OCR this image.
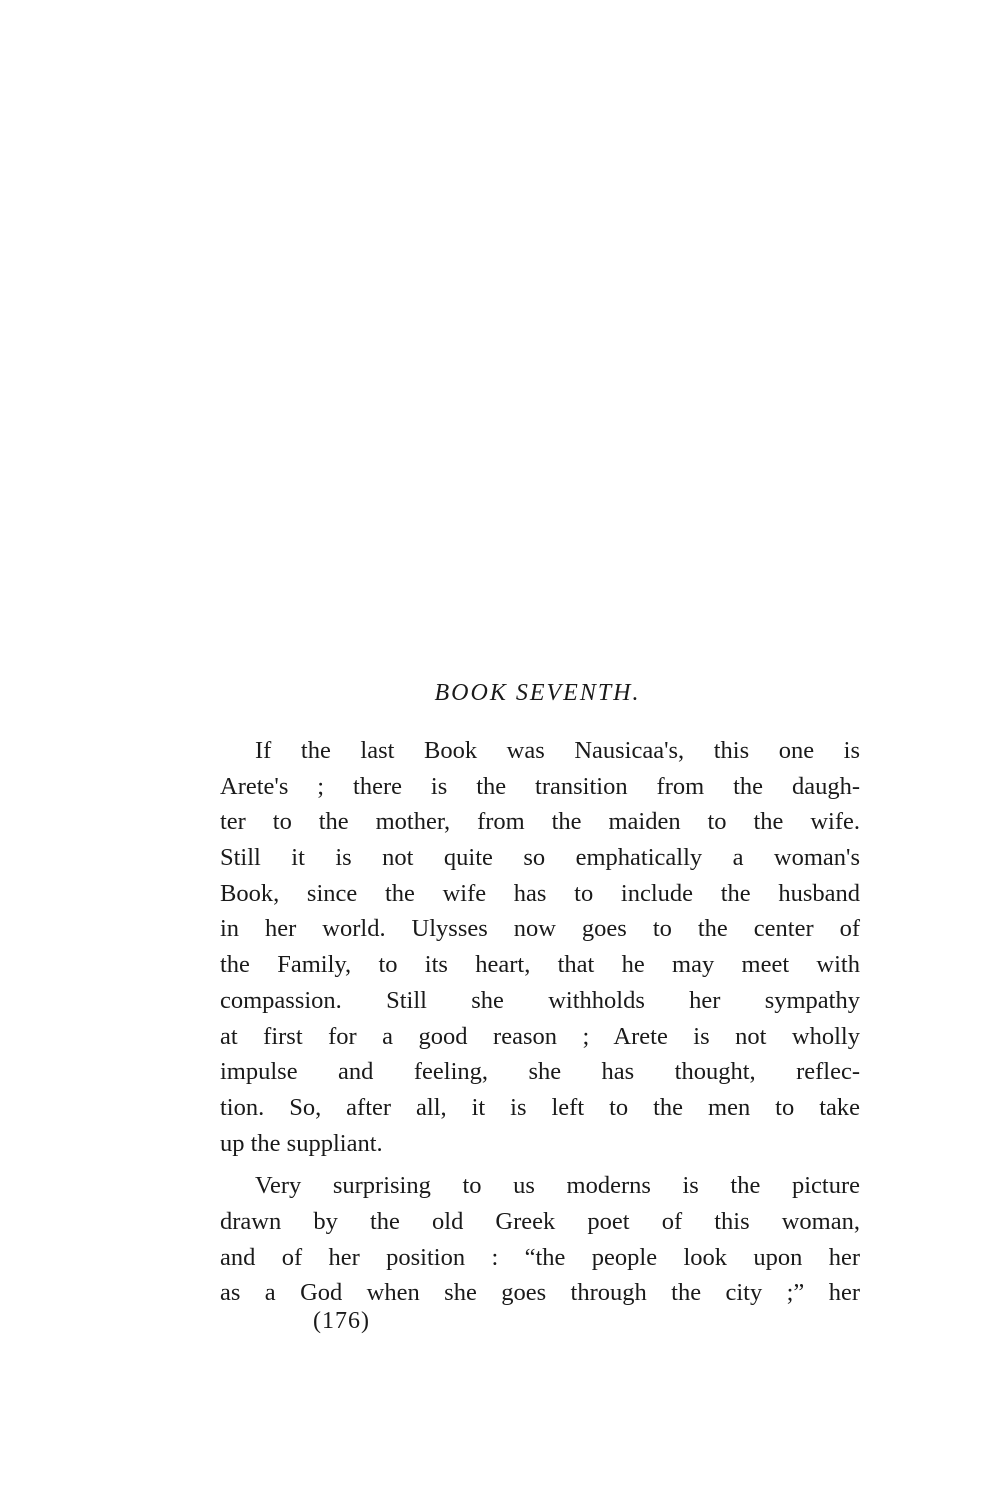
BOOK SEVENTH.
If the last Book was Nausicaa's, this one is
Arete's ; there is the transition from the daugh-
ter to the mother, from the maiden to the wife.
Still it is not quite so emphatically a woman's
Book, since the wife has to include the husband
in her world. Ulysses now goes to the center of
the Family, to its heart, that he may meet with
compassion. Still she withholds her sympathy
at first for a good reason ; Arete is not wholly
impulse and feeling, she has thought, reflec-
tion. So, after all, it is left to the men to take
up the suppliant.
Very surprising to us moderns is the picture
drawn by the old Greek poet of this woman,
and of her position : “the people look upon her
as a God when she goes through the city ;” her
(176)
